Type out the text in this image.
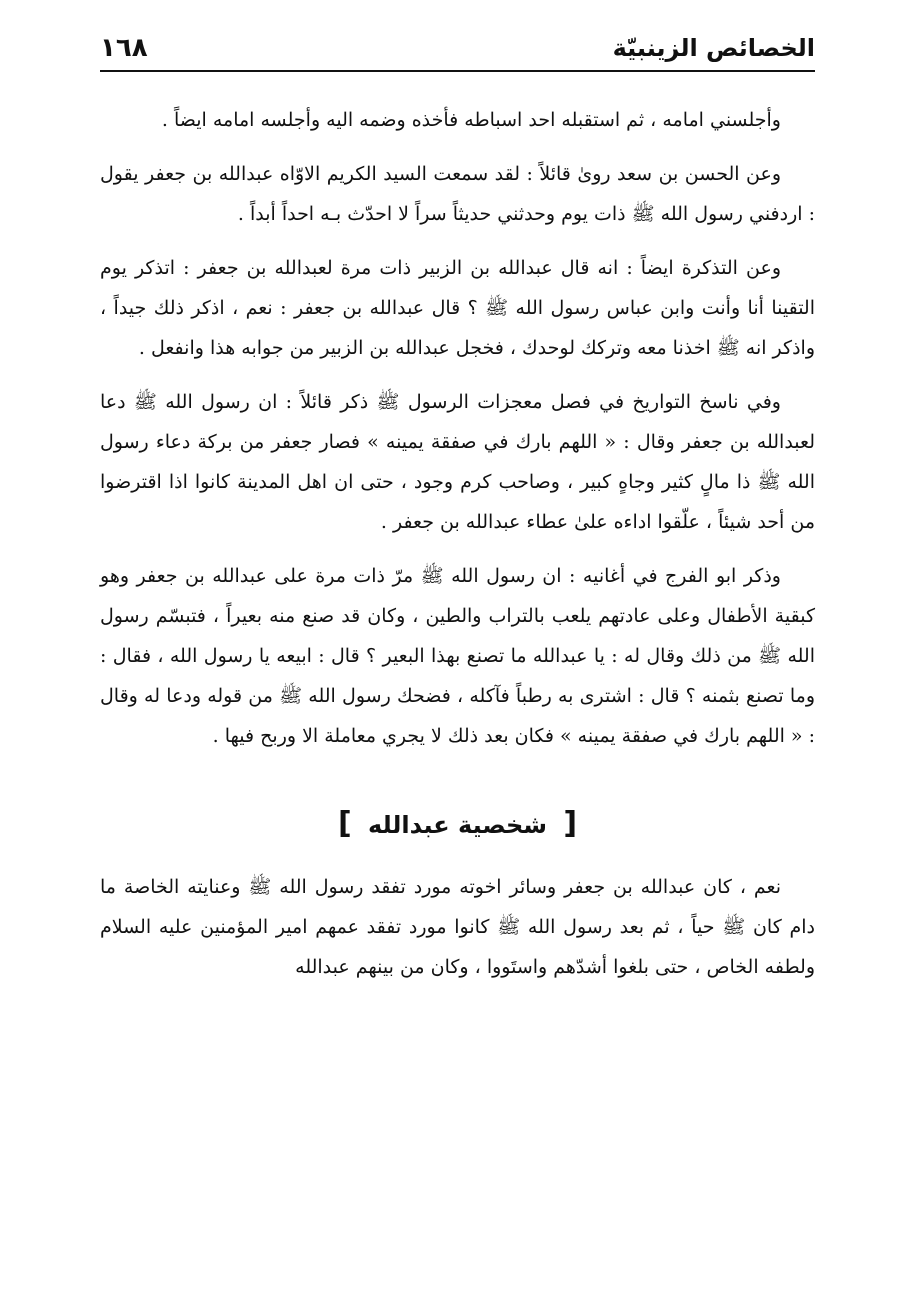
الخصائص الزينبيّة
١٦٨

وأجلسني امامه ، ثم استقبله احد اسباطه فأخذه وضمه اليه وأجلسه امامه ايضاً .

وعن الحسن بن سعد روىٰ قائلاً : لقد سمعت السيد الكريم الاوّاه عبدالله بن جعفر يقول : اردفني رسول الله ﷺ ذات يوم وحدثني حديثاً سراً لا احدّث بـه احداً أبداً .

وعن التذكرة ايضاً : انه قال عبدالله بن الزبير ذات مرة لعبدالله بن جعفر : اتذكر يوم التقينا أنا وأنت وابن عباس رسول الله ﷺ ؟ قال عبدالله بن جعفر : نعم ، اذكر ذلك جيداً ، واذكر انه ﷺ اخذنا معه وتركك لوحدك ، فخجل عبدالله بن الزبير من جوابه هذا وانفعل .

وفي ناسخ التواريخ في فصل معجزات الرسول ﷺ ذكر قائلاً : ان رسول الله ﷺ دعا لعبدالله بن جعفر وقال : « اللهم بارك في صفقة يمينه » فصار جعفر من بركة دعاء رسول الله ﷺ ذا مالٍ كثير وجاهٍ كبير ، وصاحب كرم وجود ، حتى ان اهل المدينة كانوا اذا اقترضوا من أحد شيئاً ، علّقوا اداءه علىٰ عطاء عبدالله بن جعفر .

وذكر ابو الفرج في أغانيه : ان رسول الله ﷺ مرّ ذات مرة على عبدالله بن جعفر وهو كبقية الأطفال وعلى عادتهم يلعب بالتراب والطين ، وكان قد صنع منه بعيراً ، فتبسّم رسول الله ﷺ من ذلك وقال له : يا عبدالله ما تصنع بهذا البعير ؟ قال : ابيعه يا رسول الله ، فقال : وما تصنع بثمنه ؟ قال : اشترى به رطباً فآكله ، فضحك رسول الله ﷺ من قوله ودعا له وقال : « اللهم بارك في صفقة يمينه » فكان بعد ذلك لا يجري معاملة الا وربح فيها .

[ شخصية عبدالله ]

نعم ، كان عبدالله بن جعفر وسائر اخوته مورد تفقد رسول الله ﷺ وعنايته الخاصة ما دام كان ﷺ حياً ، ثم بعد رسول الله ﷺ كانوا مورد تفقد عمهم امير المؤمنين عليه السلام ولطفه الخاص ، حتى بلغوا أشدّهم واستَووا ، وكان من بينهم عبدالله
